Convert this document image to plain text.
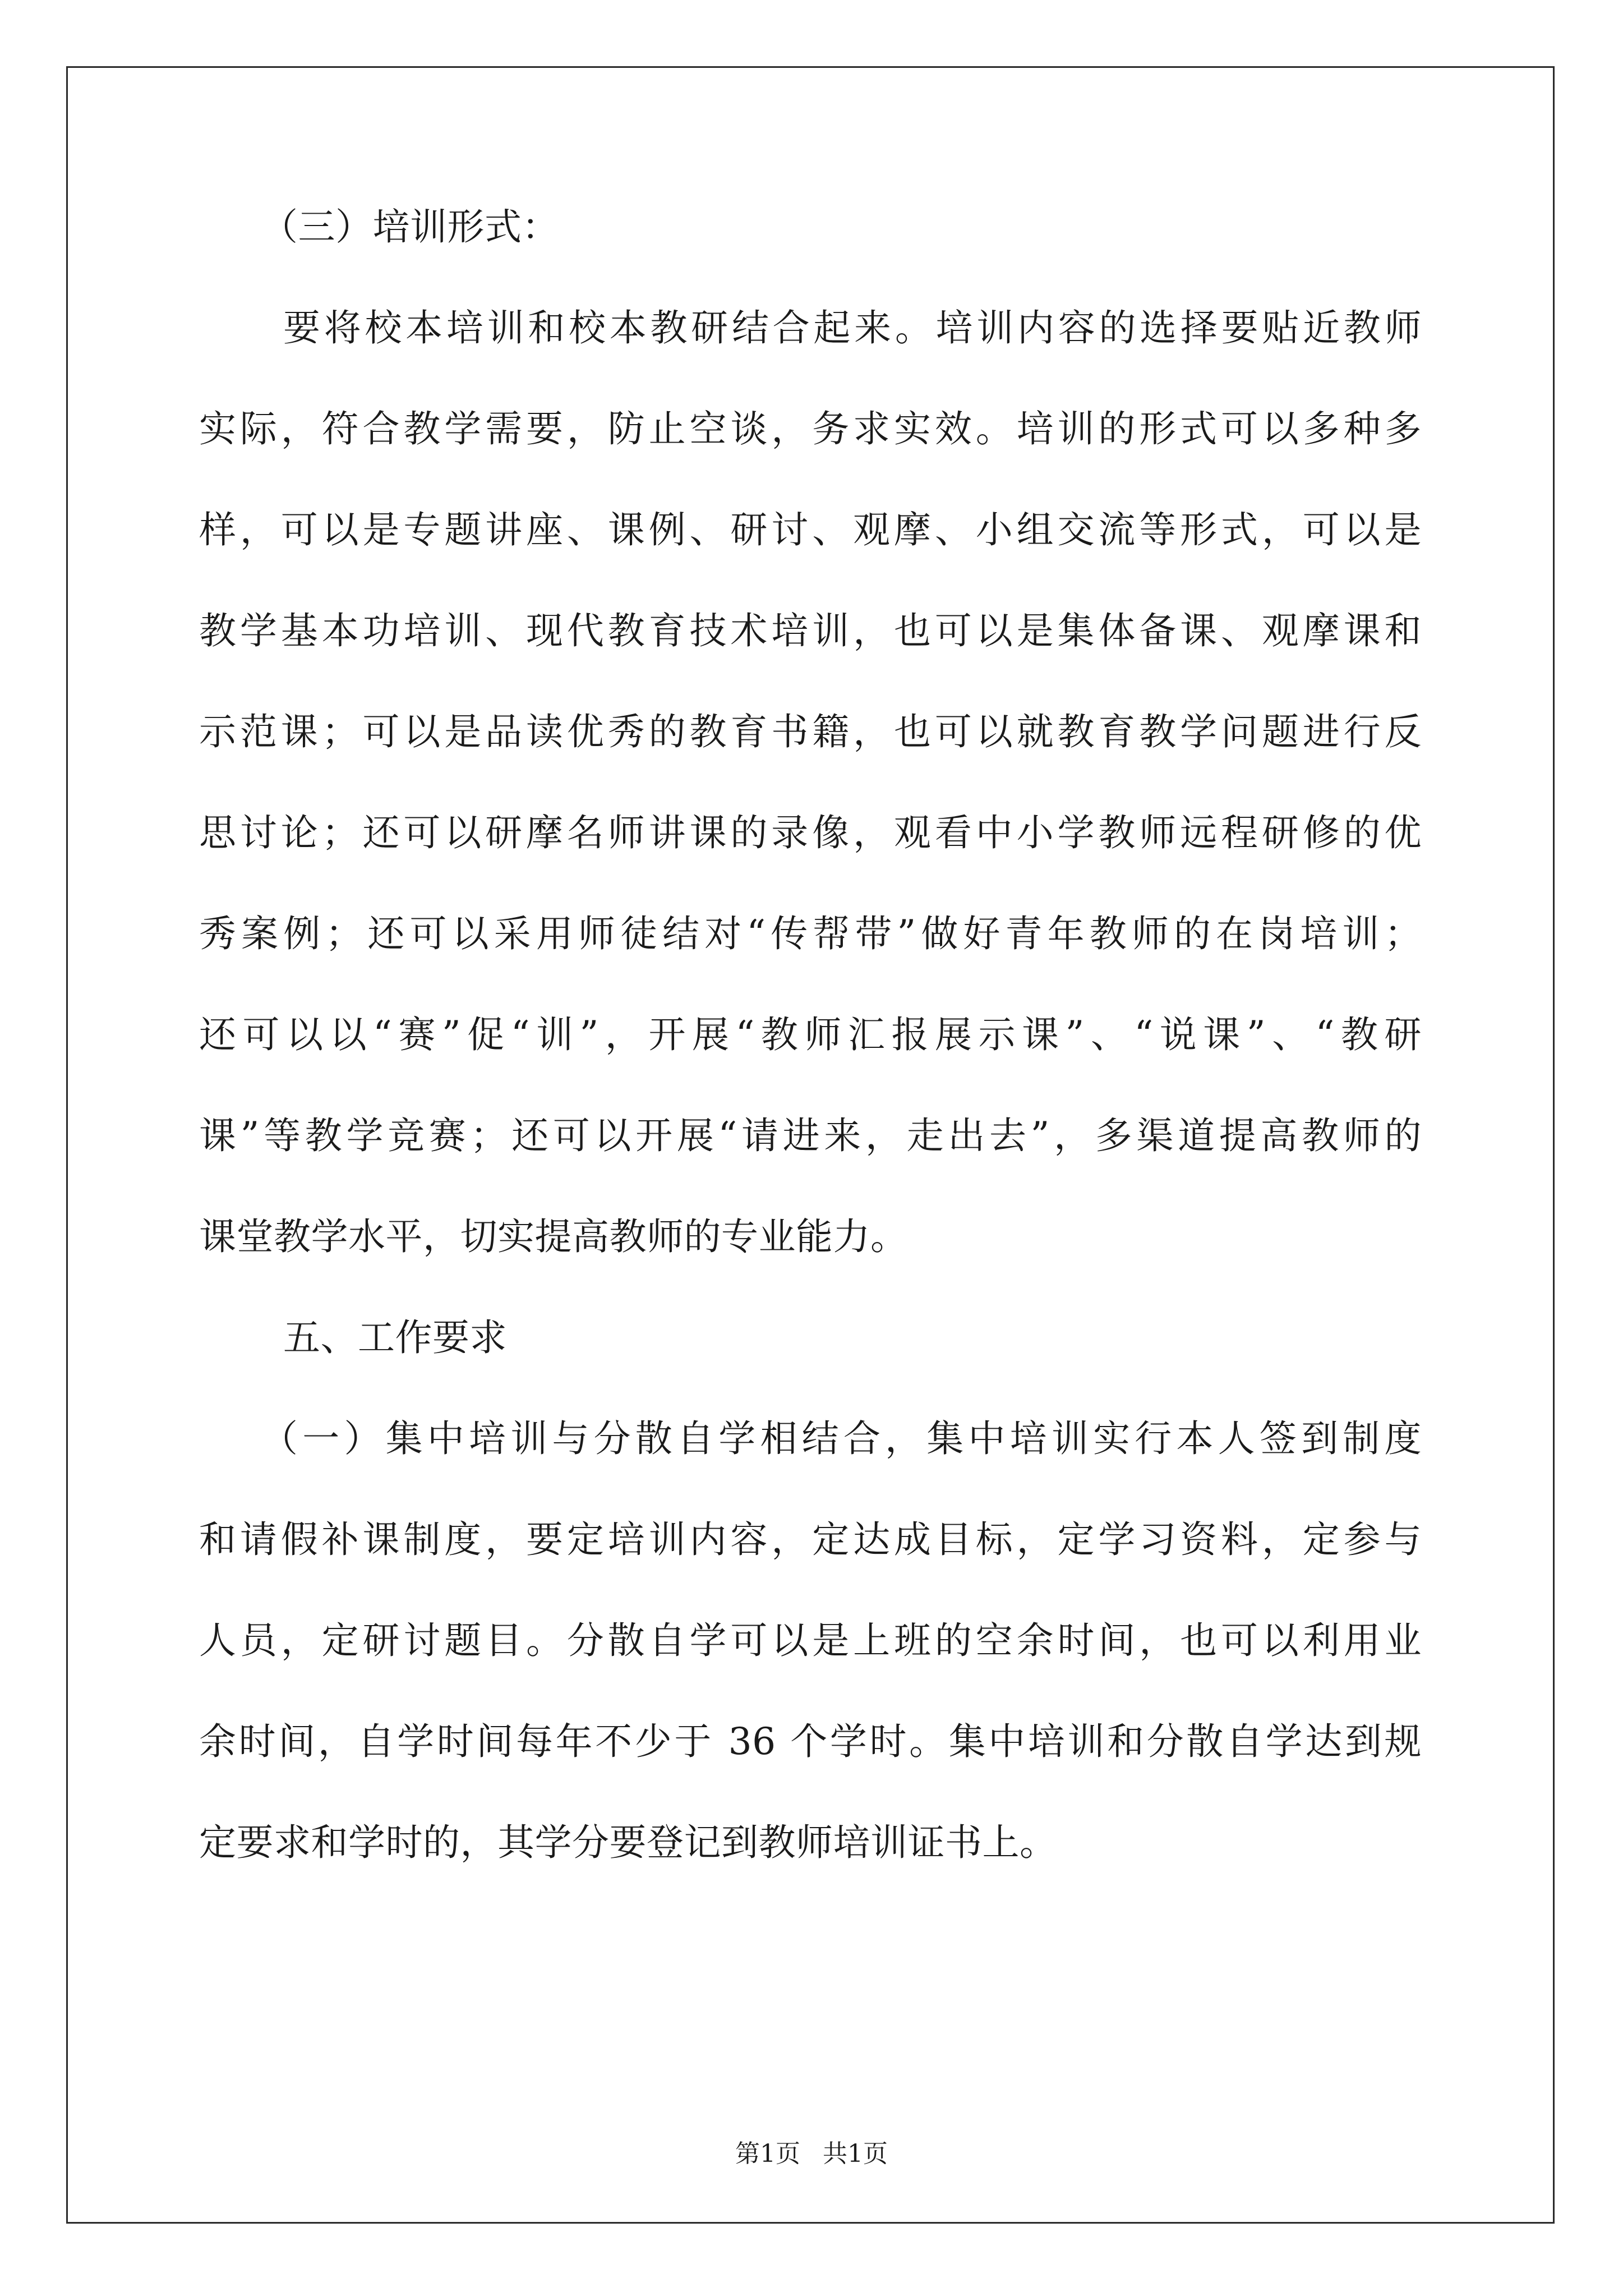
（三）培训形式：
要将校本培训和校本教研结合起来。培训内容的选择要贴近教师
实际，符合教学需要，防止空谈，务求实效。培训的形式可以多种多
样，可以是专题讲座、课例、研讨、观摩、小组交流等形式，可以是
教学基本功培训、现代教育技术培训，也可以是集体备课、观摩课和
示范课；可以是品读优秀的教育书籍，也可以就教育教学问题进行反
思讨论；还可以研摩名师讲课的录像，观看中小学教师远程研修的优
秀案例；还可以采用师徒结对“传帮带”做好青年教师的在岗培训；
还可以以“赛”促“训”，开展“教师汇报展示课”、“说课”、“教研
课”等教学竞赛；还可以开展“请进来，走出去”，多渠道提高教师的
课堂教学水平，切实提高教师的专业能力。
五、工作要求
（一）集中培训与分散自学相结合，集中培训实行本人签到制度
和请假补课制度，要定培训内容，定达成目标，定学习资料，定参与
人员，定研讨题目。分散自学可以是上班的空余时间，也可以利用业
余时间，自学时间每年不少于 36 个学时。集中培训和分散自学达到规
定要求和学时的，其学分要登记到教师培训证书上。
第1页 共1页
